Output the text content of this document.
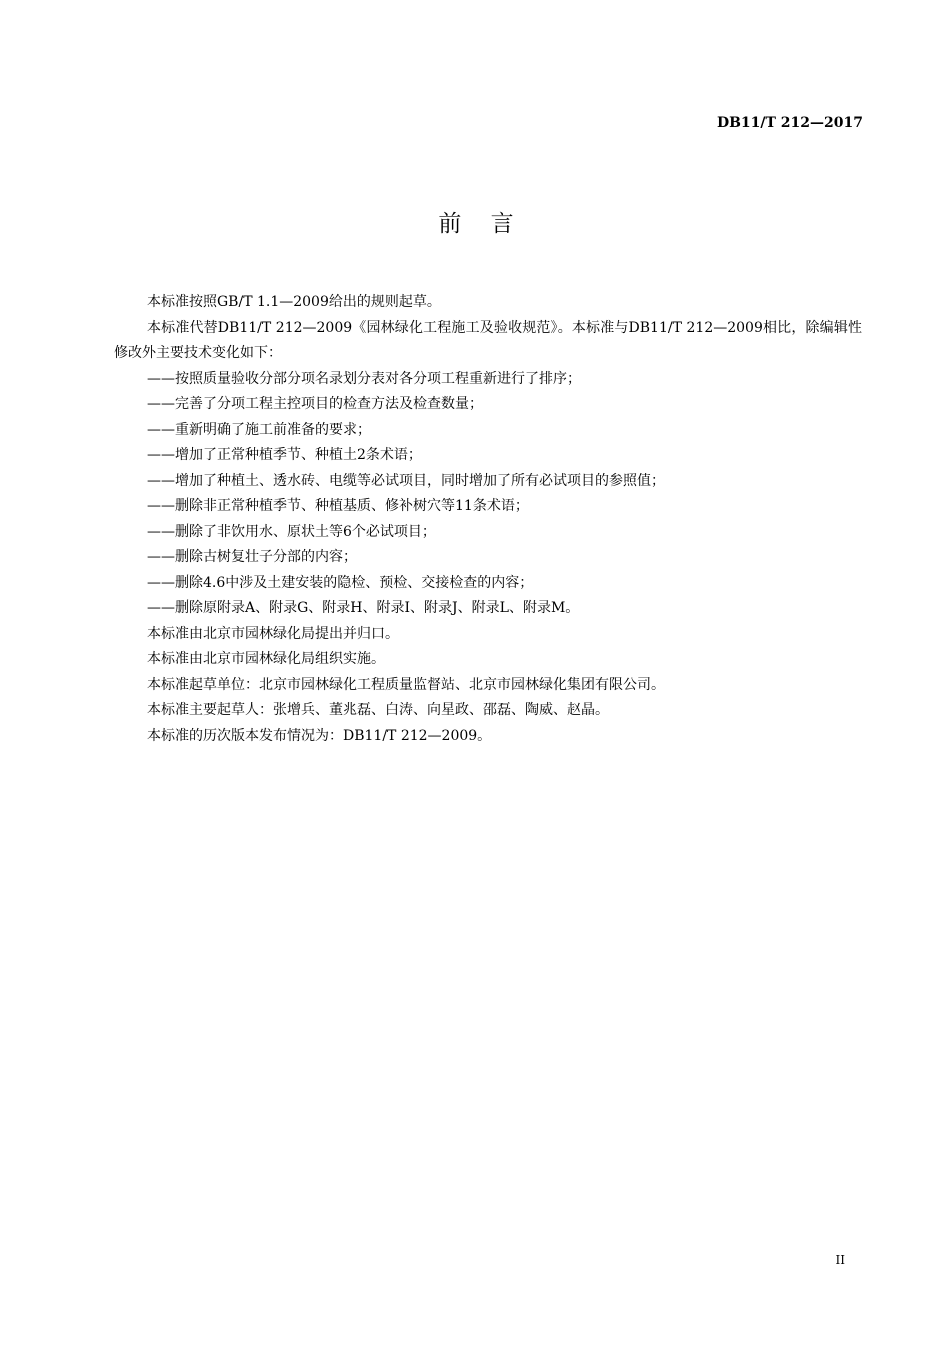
DB11/T 212—2017
前    言

本标准按照GB/T 1.1—2009给出的规则起草。

本标准代替DB11/T 212—2009《园林绿化工程施工及验收规范》。本标准与DB11/T 212—2009相比，除编辑性修改外主要技术变化如下：

——按照质量验收分部分项名录划分表对各分项工程重新进行了排序；

——完善了分项工程主控项目的检查方法及检查数量；

——重新明确了施工前准备的要求；

——增加了正常种植季节、种植土2条术语；

——增加了种植土、透水砖、电缆等必试项目，同时增加了所有必试项目的参照值；

——删除非正常种植季节、种植基质、修补树穴等11条术语；

——删除了非饮用水、原状土等6个必试项目；

——删除古树复壮子分部的内容；

——删除4.6中涉及土建安装的隐检、预检、交接检查的内容；

——删除原附录A、附录G、附录H、附录I、附录J、附录L、附录M。

本标准由北京市园林绿化局提出并归口。

本标准由北京市园林绿化局组织实施。

本标准起草单位：北京市园林绿化工程质量监督站、北京市园林绿化集团有限公司。

本标准主要起草人：张增兵、董兆磊、白涛、向星政、邵磊、陶威、赵晶。

本标准的历次版本发布情况为：DB11/T 212—2009。

II
